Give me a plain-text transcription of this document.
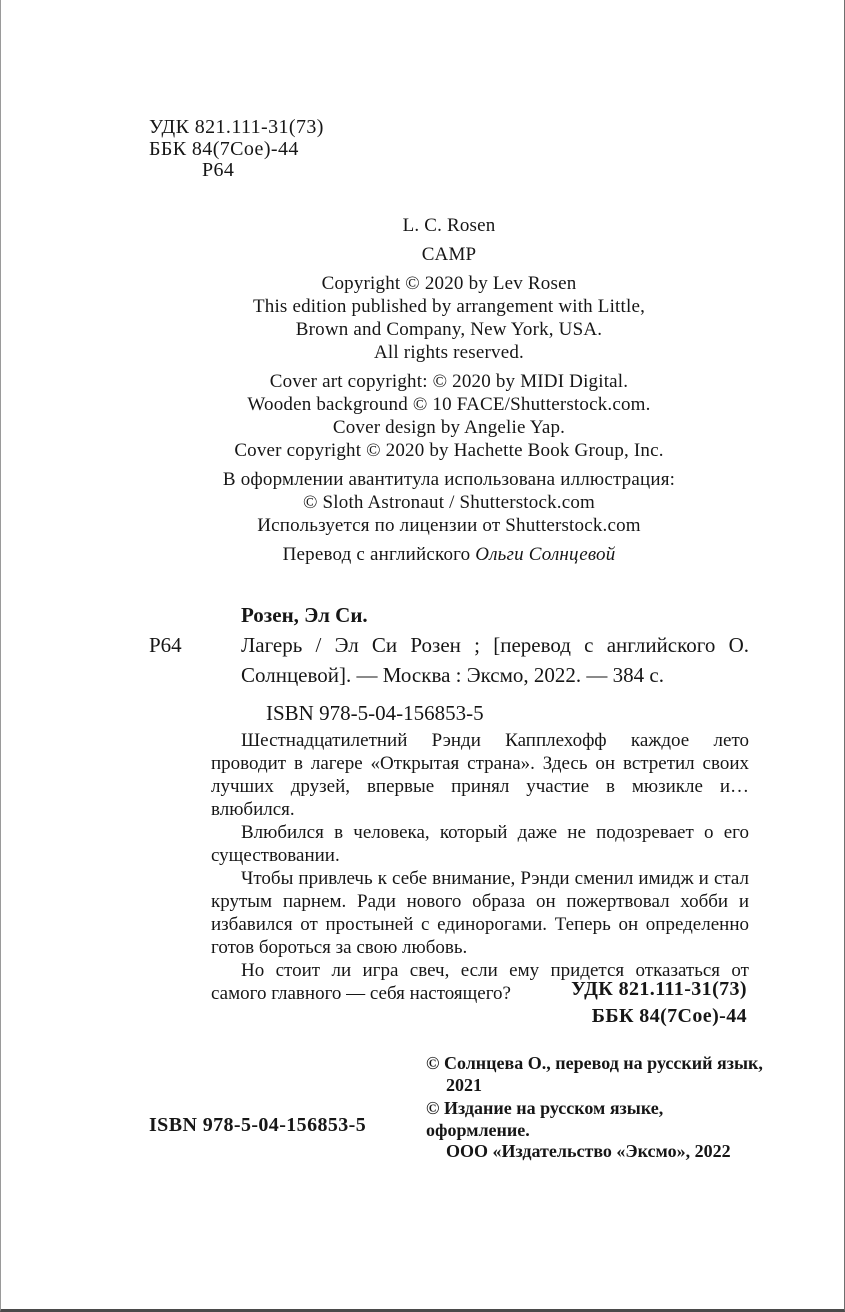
УДК 821.111-31(73)
ББК 84(7Сое)-44
Р64
L. C. Rosen
CAMP
Copyright © 2020 by Lev Rosen
This edition published by arrangement with Little,
Brown and Company, New York, USA.
All rights reserved.
Cover art copyright: © 2020 by MIDI Digital.
Wooden background © 10 FACE/Shutterstock.com.
Cover design by Angelie Yap.
Cover copyright © 2020 by Hachette Book Group, Inc.
В оформлении авантитула использована иллюстрация:
© Sloth Astronaut / Shutterstock.com
Используется по лицензии от Shutterstock.com
Перевод с английского Ольги Солнцевой
Розен, Эл Си.
Р64	Лагерь / Эл Си Розен ; [перевод с английского О. Солнцевой]. — Москва : Эксмо, 2022. — 384 с.
ISBN 978-5-04-156853-5

Шестнадцатилетний Рэнди Капплехофф каждое лето проводит в лагере «Открытая страна». Здесь он встретил своих лучших друзей, впервые принял участие в мюзикле и… влюбился.

Влюбился в человека, который даже не подозревает о его существовании.

Чтобы привлечь к себе внимание, Рэнди сменил имидж и стал крутым парнем. Ради нового образа он пожертвовал хобби и избавился от простыней с единорогами. Теперь он определенно готов бороться за свою любовь.

Но стоит ли игра свеч, если ему придется отказаться от самого главного — себя настоящего?	УДК 821.111-31(73)
ББК 84(7Сое)-44
© Солнцева О., перевод на русский язык,
2021
© Издание на русском языке, оформление.
ООО «Издательство «Эксмо», 2022
ISBN 978-5-04-156853-5
